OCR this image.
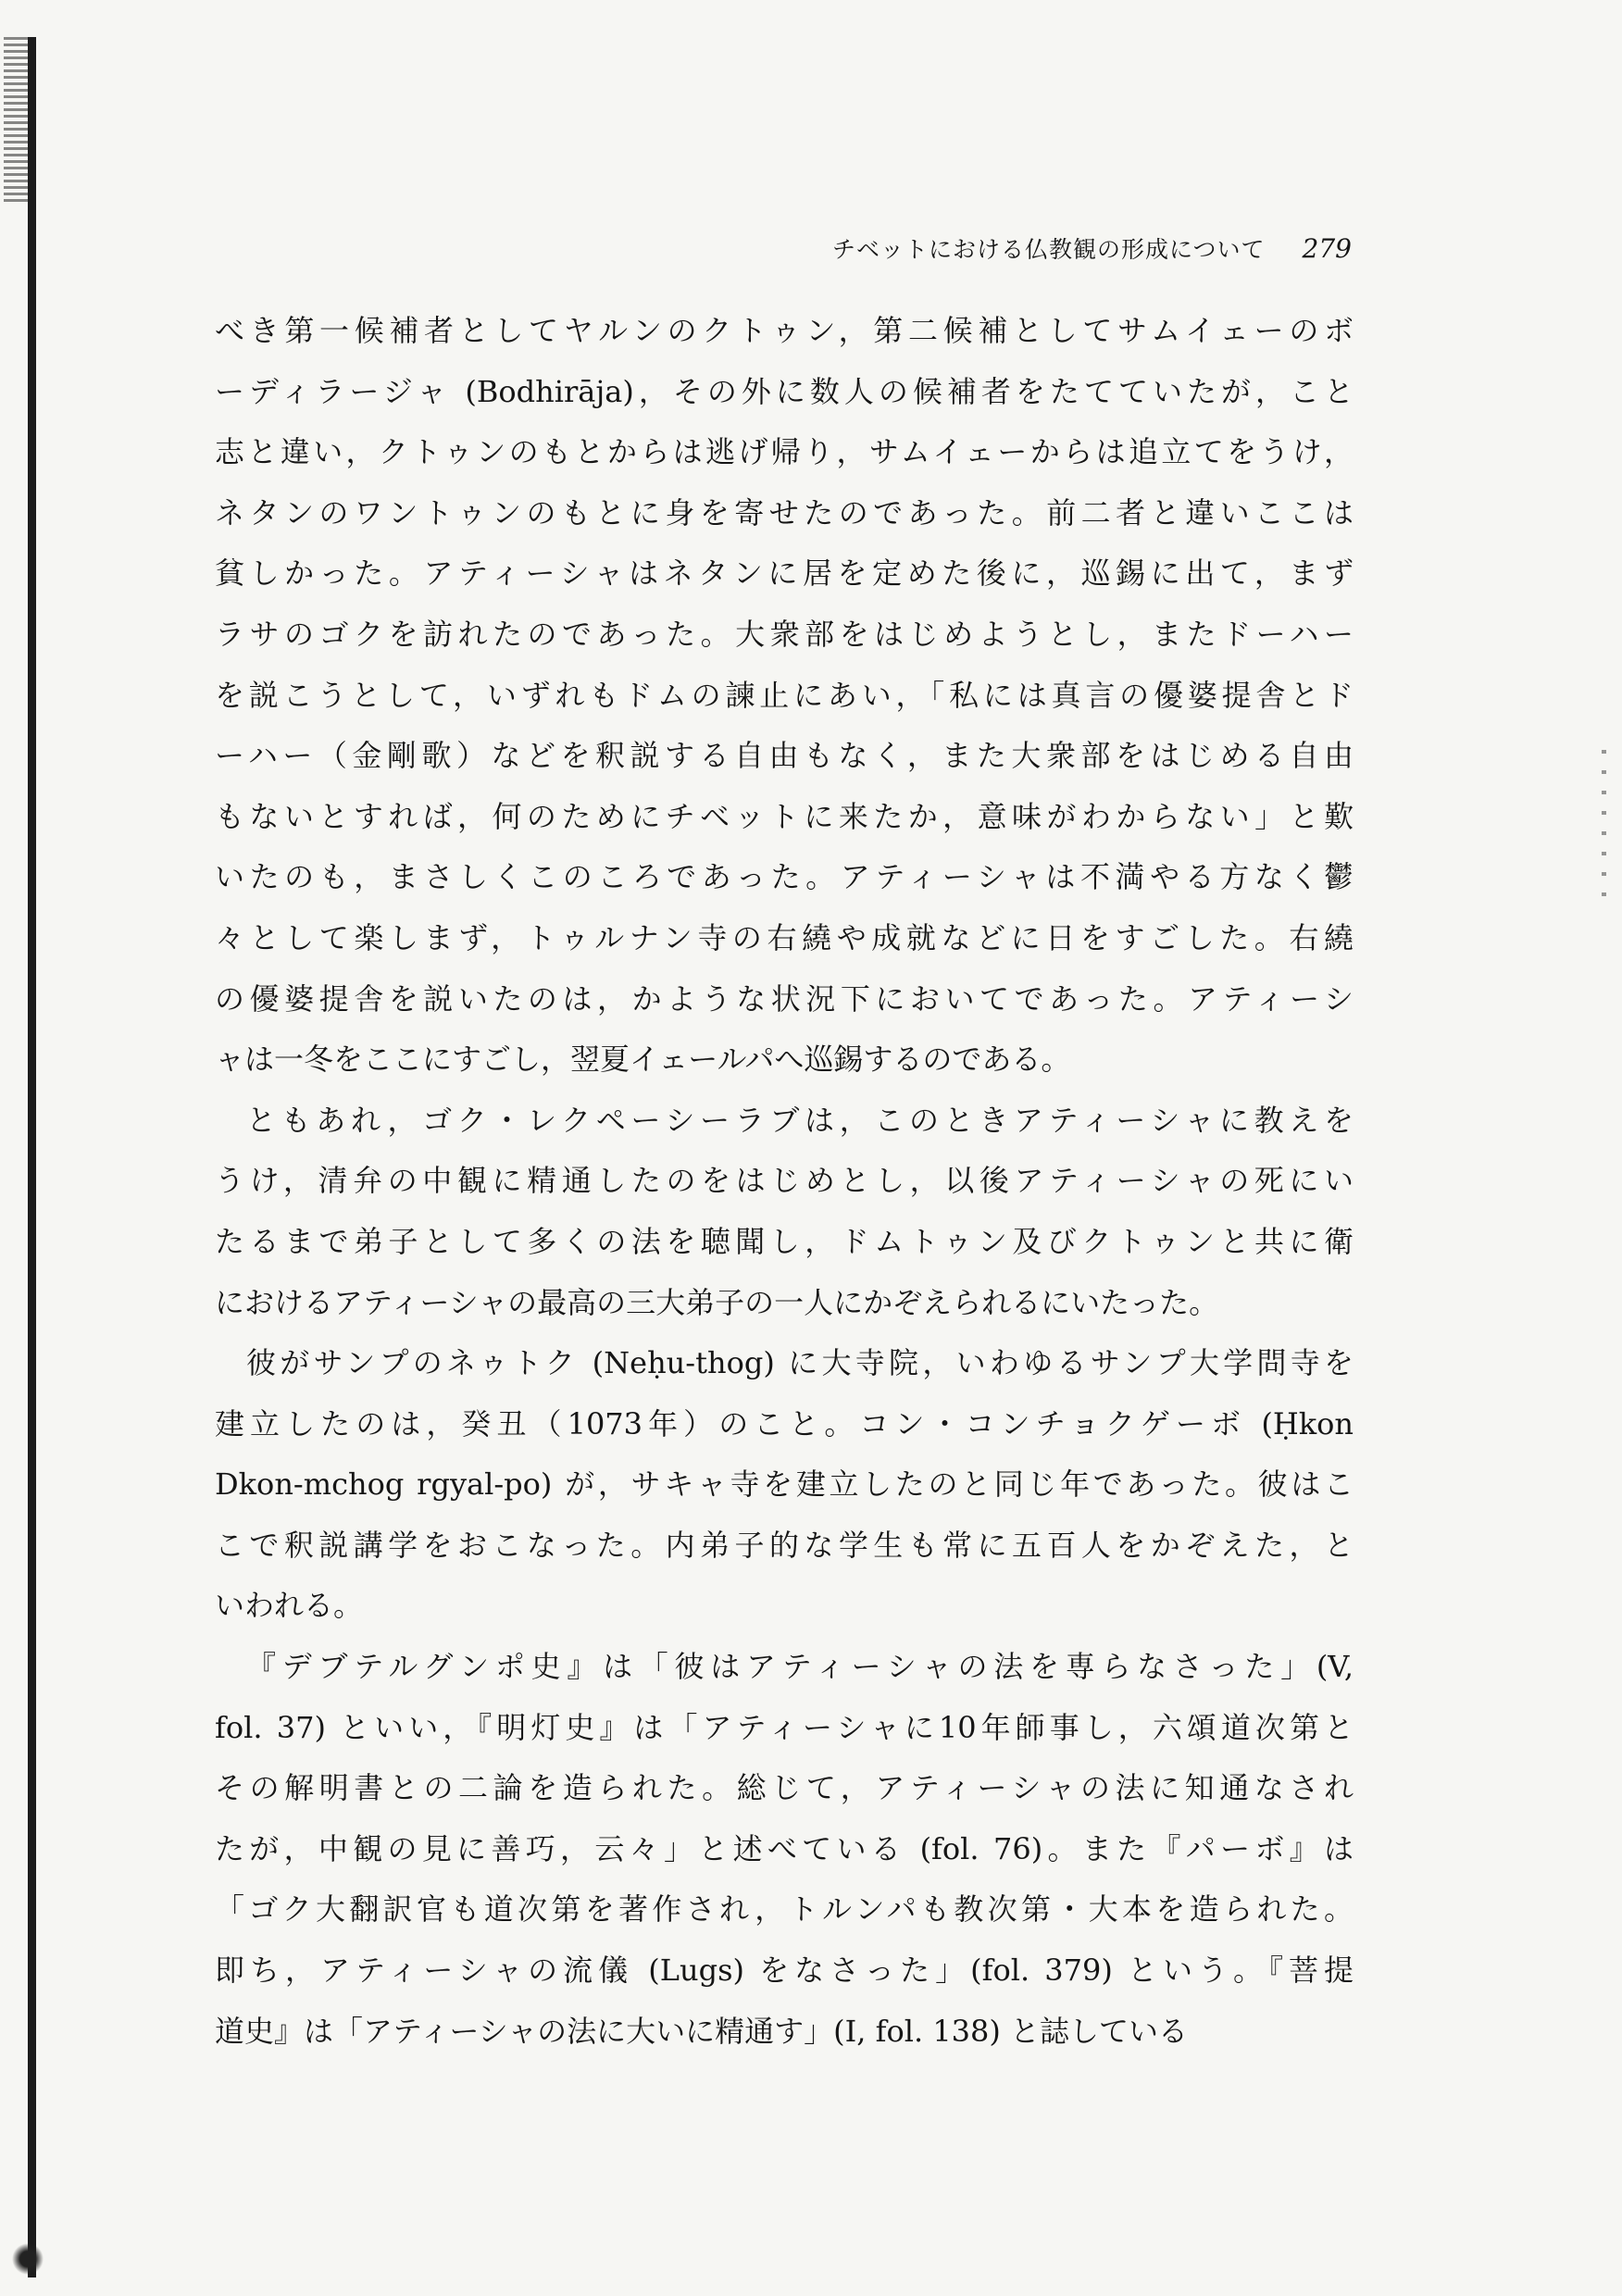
チベットにおける仏教観の形成について 279
べき第一候補者としてヤルンのクトゥン，第二候補としてサムイェーのボ
ーディラージャ (Bodhirāja)，その外に数人の候補者をたてていたが，こと
志と違い，クトゥンのもとからは逃げ帰り，サムイェーからは追立てをうけ，
ネタンのワントゥンのもとに身を寄せたのであった。前二者と違いここは
貧しかった。アティーシャはネタンに居を定めた後に，巡錫に出て，まず
ラサのゴクを訪れたのであった。大衆部をはじめようとし，またドーハー
を説こうとして，いずれもドムの諫止にあい，「私には真言の優婆提舎とド
ーハー（金剛歌）などを釈説する自由もなく，また大衆部をはじめる自由
もないとすれば，何のためにチベットに来たか，意味がわからない」と歎
いたのも，まさしくこのころであった。アティーシャは不満やる方なく鬱
々として楽しまず，トゥルナン寺の右繞や成就などに日をすごした。右繞
の優婆提舎を説いたのは，かような状況下においてであった。アティーシ
ャは一冬をここにすごし，翌夏イェールパへ巡錫するのである。
ともあれ，ゴク・レクペーシーラブは，このときアティーシャに教えを
うけ，清弁の中観に精通したのをはじめとし，以後アティーシャの死にい
たるまで弟子として多くの法を聴聞し，ドムトゥン及びクトゥンと共に衛
におけるアティーシャの最高の三大弟子の一人にかぞえられるにいたった。
彼がサンプのネゥトク (Neḥu-thog) に大寺院，いわゆるサンプ大学問寺を
建立したのは，癸丑（1073年）のこと。コン・コンチョクゲーボ (Ḥkon
Dkon-mchog rgyal-po) が，サキャ寺を建立したのと同じ年であった。彼はこ
こで釈説講学をおこなった。内弟子的な学生も常に五百人をかぞえた，と
いわれる。
『デブテルグンポ史』は「彼はアティーシャの法を専らなさった」(V,
fol. 37) といい，『明灯史』は「アティーシャに10年師事し，六頌道次第と
その解明書との二論を造られた。総じて，アティーシャの法に知通なされ
たが，中観の見に善巧，云々」と述べている (fol. 76)。また『パーボ』は
「ゴク大翻訳官も道次第を著作され，トルンパも教次第・大本を造られた。
即ち，アティーシャの流儀 (Lugs) をなさった」(fol. 379) という。『菩提
道史』は「アティーシャの法に大いに精通す」(I, fol. 138) と誌している
